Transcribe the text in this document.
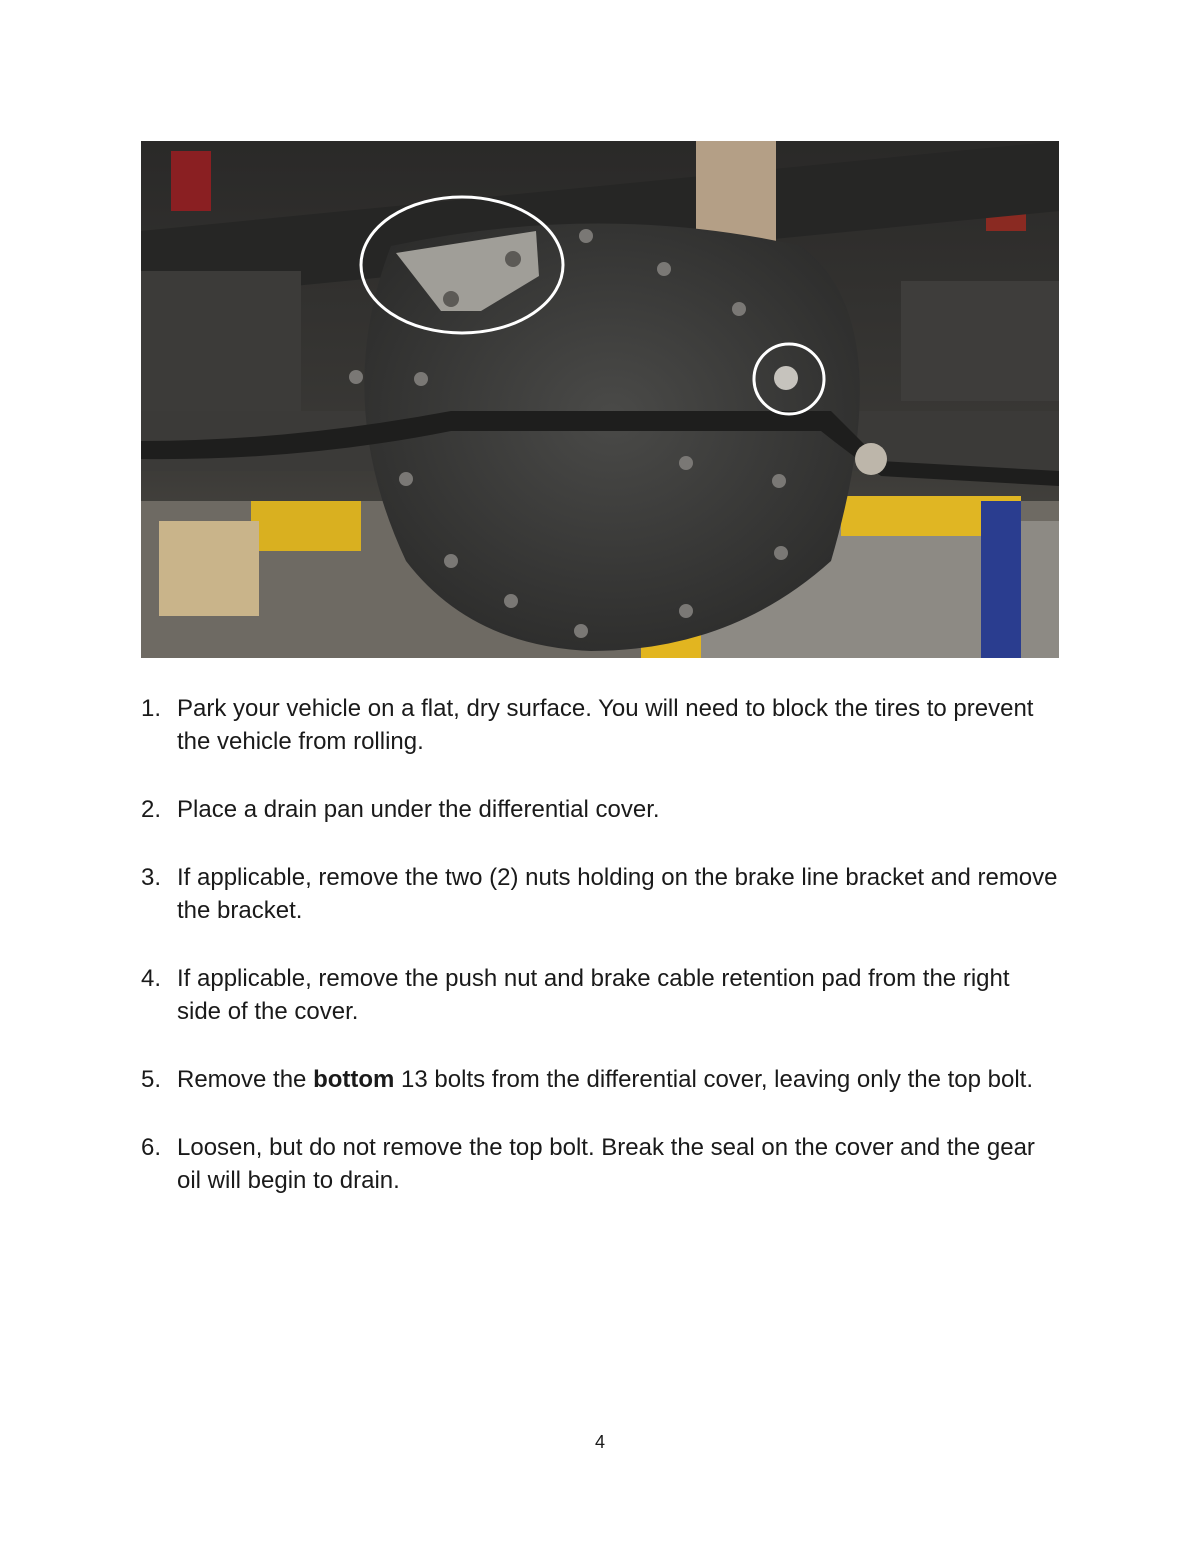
1. Park your vehicle on a flat, dry surface. You will need to block the tires to prevent the vehicle from rolling.
2. Place a drain pan under the differential cover.
3. If applicable, remove the two (2) nuts holding on the brake line bracket and remove the bracket.
4. If applicable, remove the push nut and brake cable retention pad from the right side of the cover.
5. Remove the bottom 13 bolts from the differential cover, leaving only the top bolt.
6. Loosen, but do not remove the top bolt. Break the seal on the cover and the gear oil will begin to drain.
4
